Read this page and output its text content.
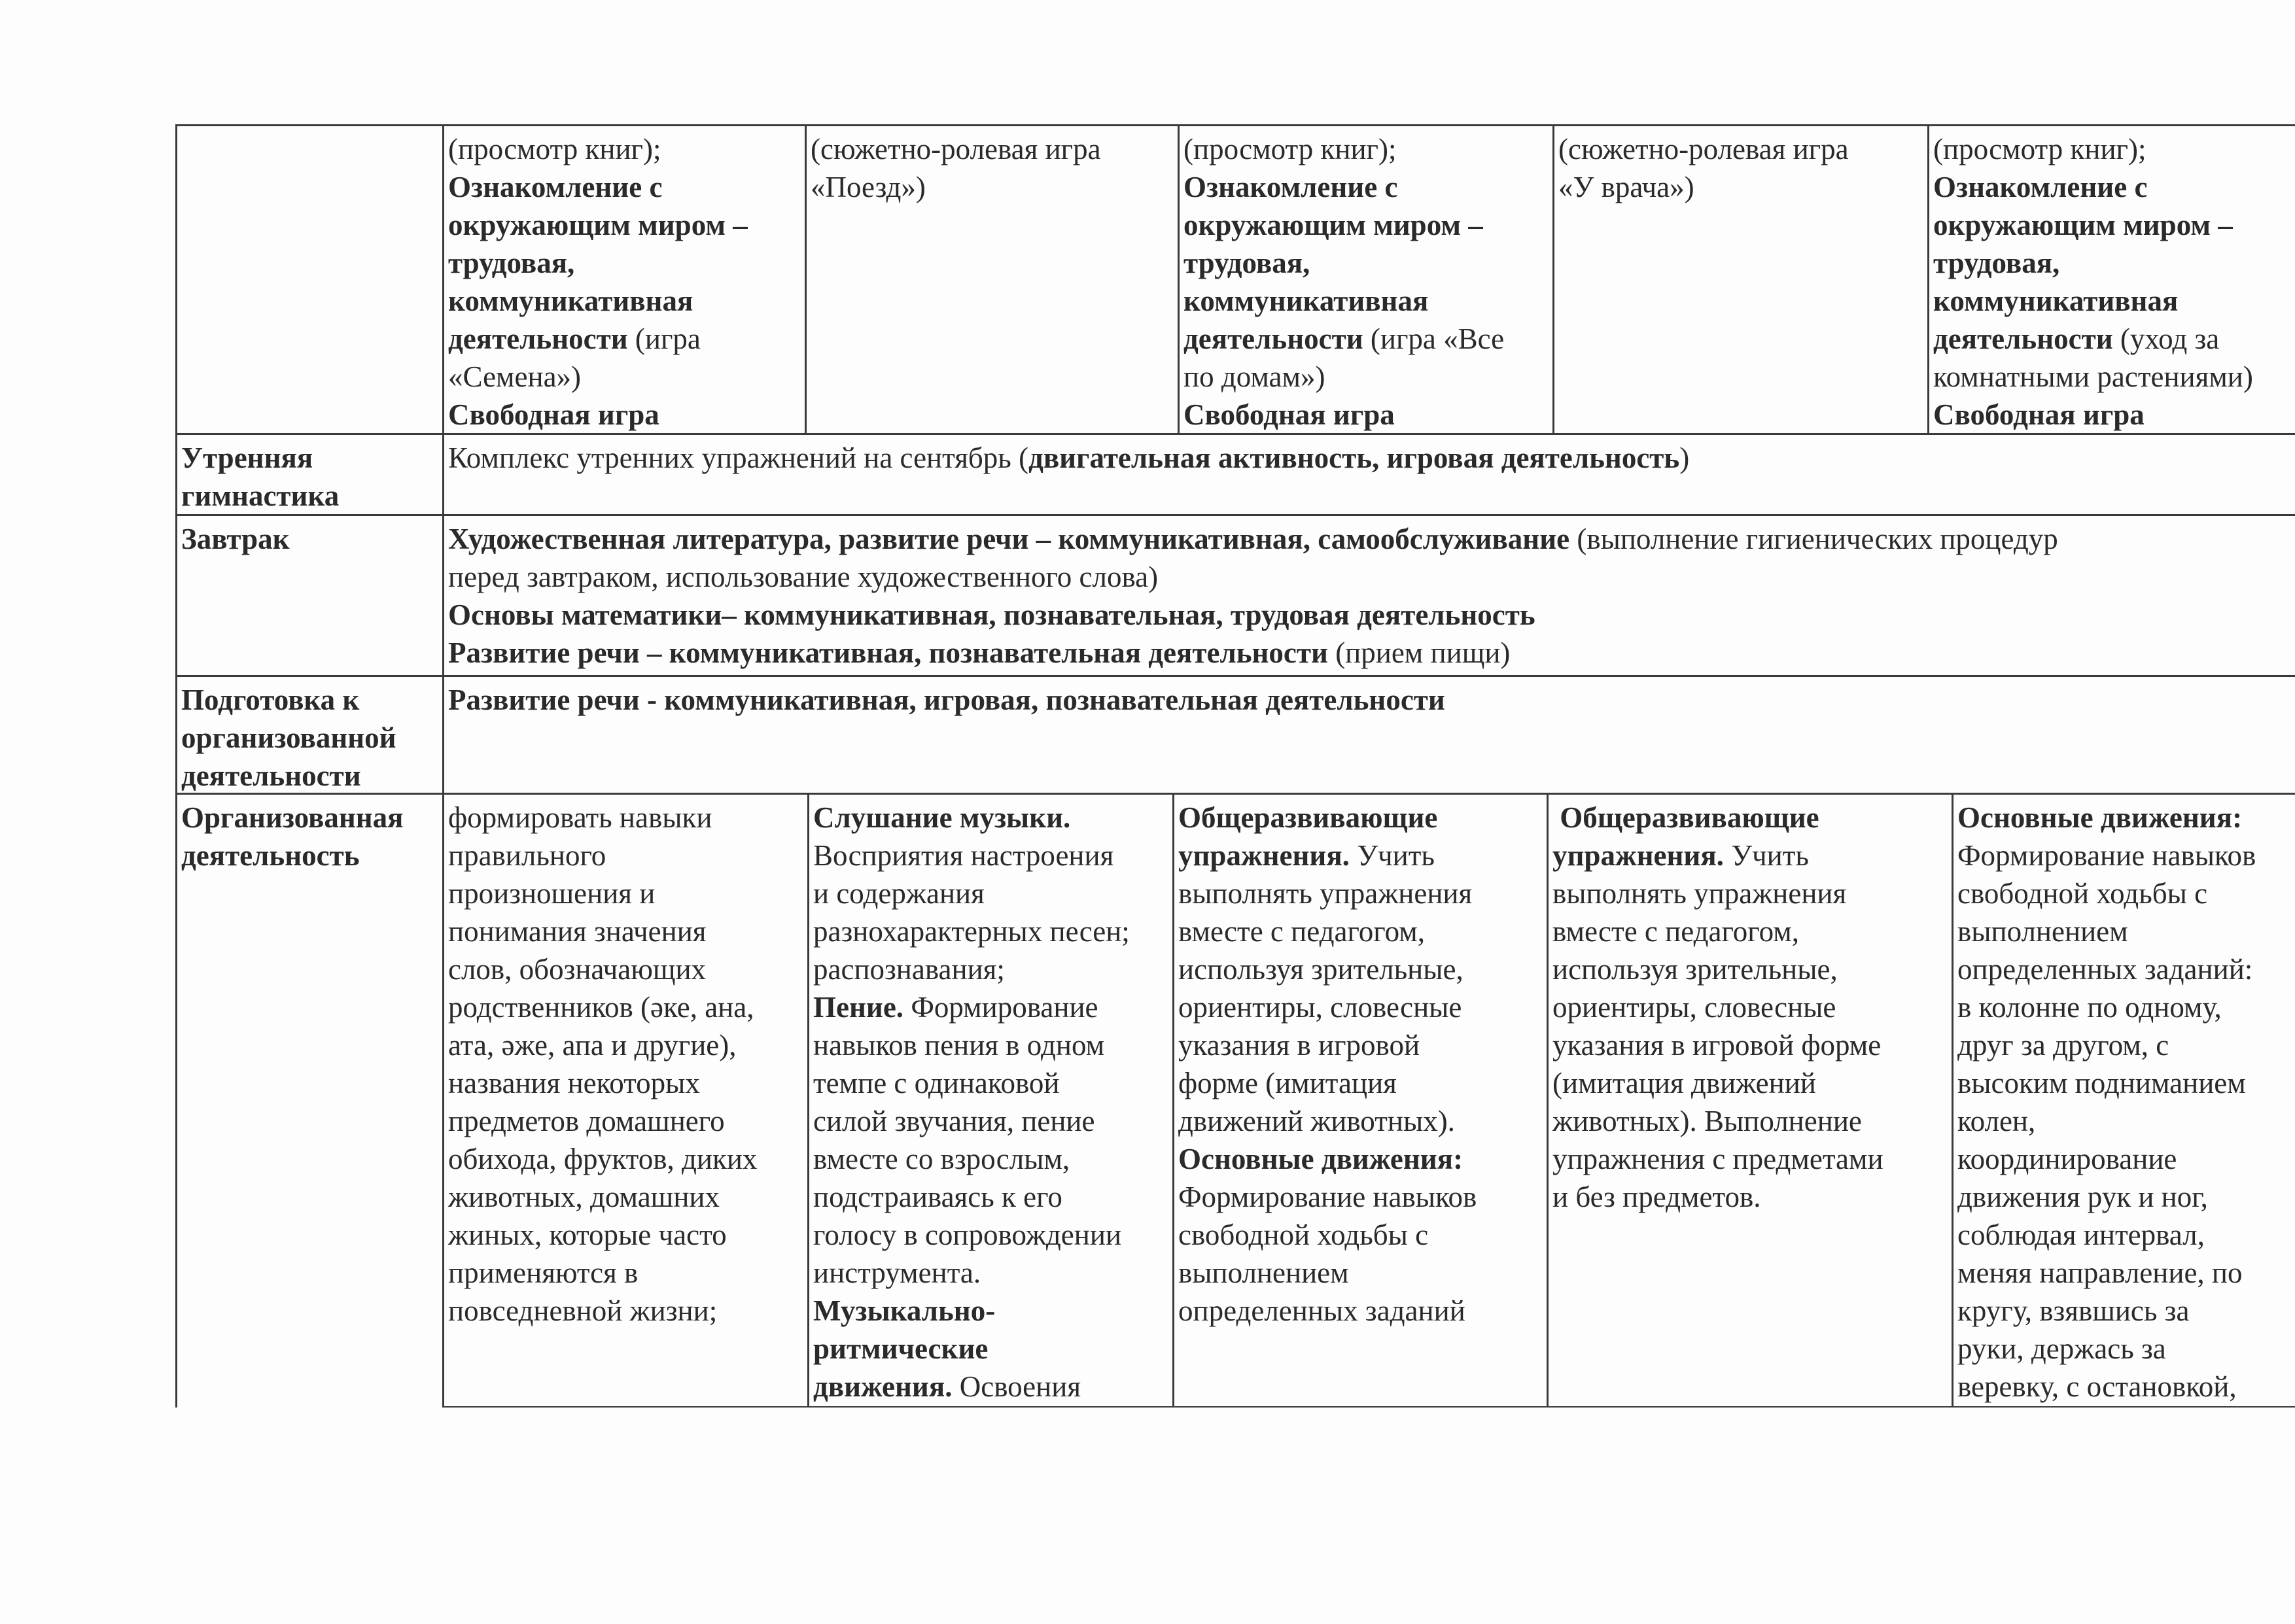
(просмотр книг);
Ознакомление с
окружающим миром –
трудовая,
коммуникативная
деятельности (игра
«Семена»)
Свободная игра
(сюжетно-ролевая игра
«Поезд»)
(просмотр книг);
Ознакомление с
окружающим миром –
трудовая,
коммуникативная
деятельности (игра «Все
по домам»)
Свободная игра
(сюжетно-ролевая игра
«У врача»)
(просмотр книг);
Ознакомление с
окружающим миром –
трудовая,
коммуникативная
деятельности (уход за
комнатными растениями)
Свободная игра
Утренняя
гимнастика
Комплекс утренних упражнений на сентябрь (двигательная активность, игровая деятельность)
Завтрак	Художественная литература, развитие речи – коммуникативная, самообслуживание (выполнение гигиенических процедур
перед завтраком, использование художественного слова)
Основы математики– коммуникативная, познавательная, трудовая деятельность
Развитие речи – коммуникативная, познавательная деятельности (прием пищи)
Подготовка к
организованной
деятельности
Развитие речи - коммуникативная, игровая, познавательная деятельности
Организованная
деятельность
формировать навыки
правильного
произношения и
понимания значения
слов, обозначающих
родственников (әке, ана,
ата, әже, апа и другие),
названия некоторых
предметов домашнего
обихода, фруктов, диких
животных, домашних
жиных, которые часто
применяются в
повседневной жизни;
Слушание музыки.
Восприятия настроения
и содержания
разнохарактерных песен;
распознавания;
Пение. Формирование
навыков пения в одном
темпе с одинаковой
силой звучания, пение
вместе со взрослым,
подстраиваясь к его
голосу в сопровождении
инструмента.
Музыкально-
ритмические
движения. Освоения
Общеразвивающие
упражнения. Учить
выполнять упражнения
вместе с педагогом,
используя зрительные,
ориентиры, словесные
указания в игровой
форме (имитация
движений животных).
Основные движения:
Формирование навыков
свободной ходьбы с
выполнением
определенных заданий
Общеразвивающие
упражнения. Учить
выполнять упражнения
вместе с педагогом,
используя зрительные,
ориентиры, словесные
указания в игровой форме
(имитация движений
животных). Выполнение
упражнения с предметами
и без предметов.
Основные движения:
Формирование навыков
свободной ходьбы с
выполнением
определенных заданий:
в колонне по одному,
друг за другом, с
высоким подниманием
колен,
координирование
движения рук и ног,
соблюдая интервал,
меняя направление, по
кругу, взявшись за
руки, держась за
веревку, с остановкой,
